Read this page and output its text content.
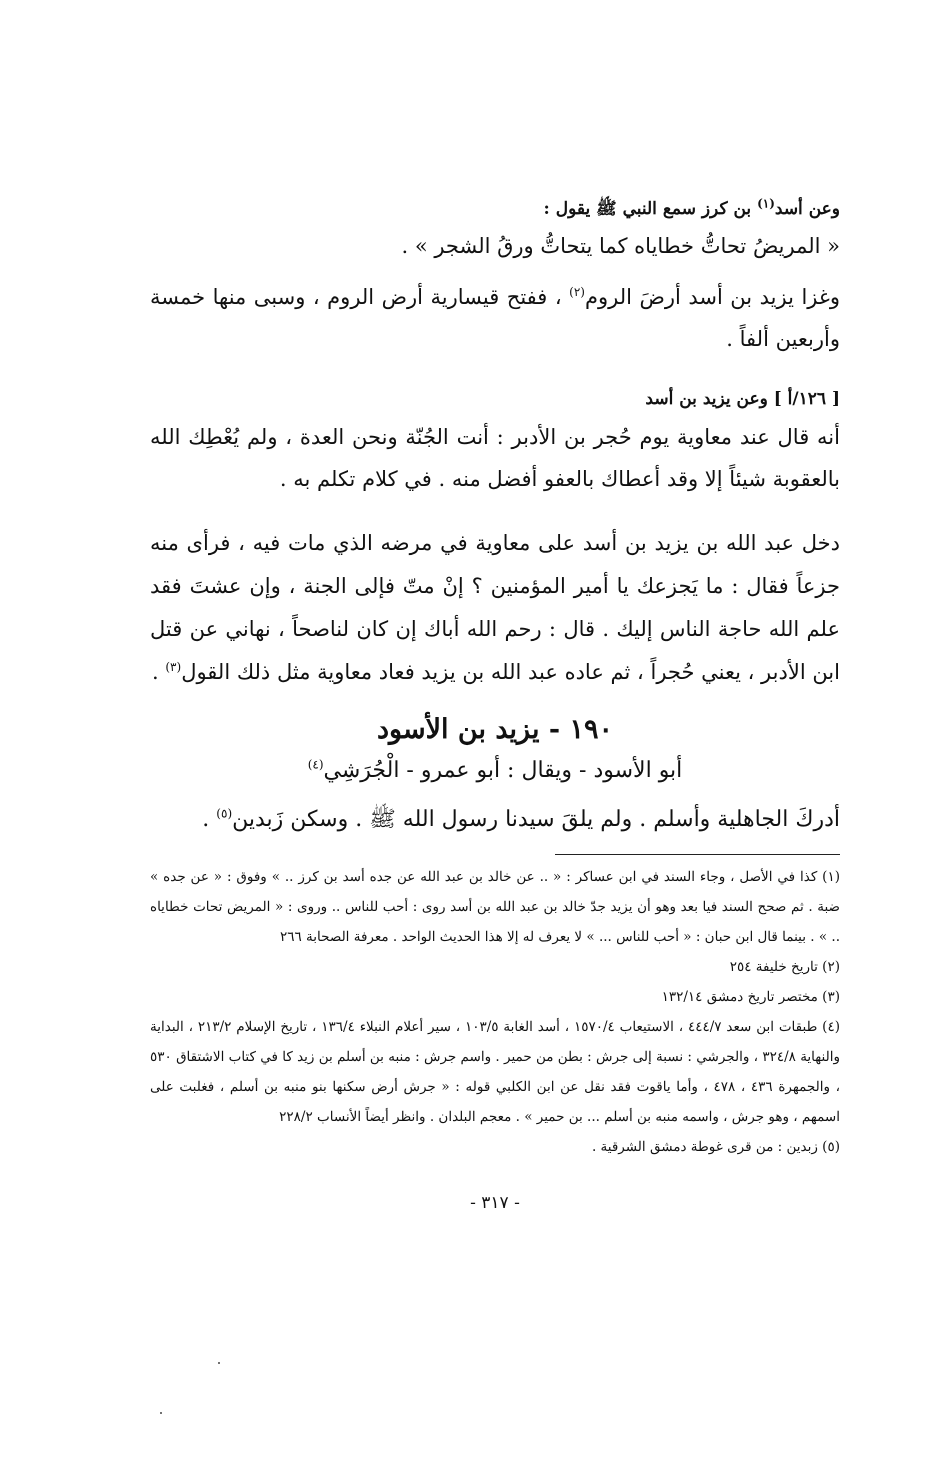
وعن أسد$^{(١)}$ بن كرز سمع النبي ﷺ يقول :
« المريضُ تحاتُّ خطاياه كما يتحاتُّ ورقُ الشجر » .
وغزا يزيد بن أسد أرضَ الروم$^{(٢)}$ ، ففتح قيسارية أرض الروم ، وسبى منها خمسة وأربعين ألفاً .
[ ١٢٦/أ ] وعن يزيد بن أسد
أنه قال عند معاوية يوم حُجر بن الأدبر : أنت الجُنّة ونحن العدة ، ولم يُعْطِك الله بالعقوبة شيئاً إلا وقد أعطاك بالعفو أفضل منه . في كلام تكلم به .
دخل عبد الله بن يزيد بن أسد على معاوية في مرضه الذي مات فيه ، فرأى منه جزعاً فقال : ما يَجزعك يا أمير المؤمنين ؟ إنْ متّ فإلى الجنة ، وإن عشتَ فقد علم الله حاجة الناس إليك . قال : رحم الله أباك إن كان لناصحاً ، نهاني عن قتل ابن الأدبر ، يعني حُجراً ، ثم عاده عبد الله بن يزيد فعاد معاوية مثل ذلك القول$^{(٣)}$ .
١٩٠ - يزيد بن الأسود
أبو الأسود - ويقال : أبو عمرو - الْجُرَشِي$^{(٤)}$
أدركَ الجاهلية وأسلم . ولم يلقَ سيدنا رسول الله ﷺ . وسكن زَبدين$^{(٥)}$ .
(١) كذا في الأصل ، وجاء السند في ابن عساكر : « .. عن خالد بن عبد الله عن جده أسد بن كرز .. » وفوق : « عن جده » ضبة . ثم صحح السند فيا بعد وهو أن يزيد جدّ خالد بن عبد الله بن أسد روى : أحب للناس .. وروى : « المريض تحات خطاياه .. » . بينما قال ابن حبان : « أحب للناس ... » لا يعرف له إلا هذا الحديث الواحد . معرفة الصحابة ٢٦٦
(٢) تاريخ خليفة ٢٥٤
(٣) مختصر تاريخ دمشق ١٣٢/١٤
(٤) طبقات ابن سعد ٤٤٤/٧ ، الاستيعاب ١٥٧٠/٤ ، أسد الغابة ١٠٣/٥ ، سير أعلام النبلاء ١٣٦/٤ ، تاريخ الإسلام ٢١٣/٢ ، البداية والنهاية ٣٢٤/٨ ، والجرشي : نسبة إلى جرش : بطن من حمير . واسم جرش : منبه بن أسلم بن زيد كا في كتاب الاشتقاق ٥٣٠ ، والجمهرة ٤٣٦ ، ٤٧٨ ، وأما ياقوت فقد نقل عن ابن الكلبي قوله : « جرش أرض سكنها بنو منبه بن أسلم ، فغلبت على اسمهم ، وهو جرش ، واسمه منبه بن أسلم ... بن حمير » . معجم البلدان . وانظر أيضاً الأنساب ٢٢٨/٢
(٥) زبدين : من قرى غوطة دمشق الشرقية .
- ٣١٧ -
